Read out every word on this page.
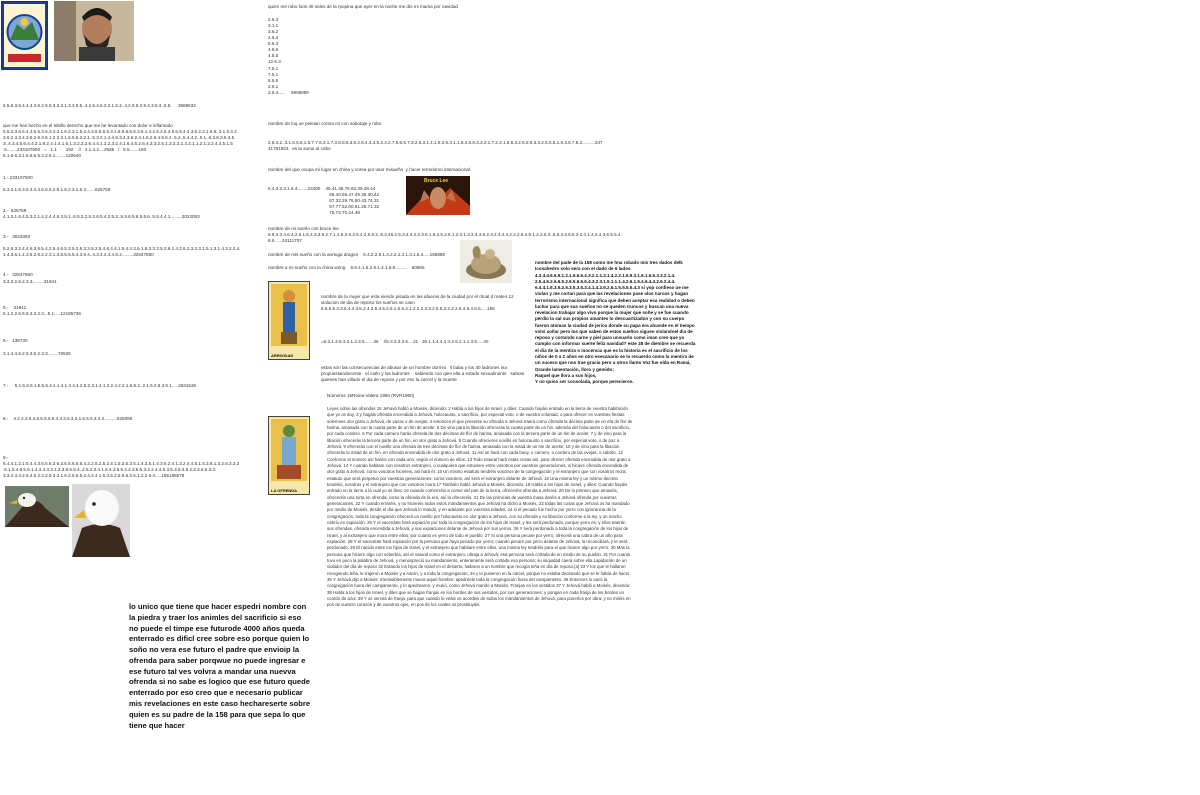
6.5.6.3.6.4.4.4.3.5.2.5.5.3.3.3.1.3.3.6.5..4.2.5.4.5.2.2.1.5.2..4.2.6.6.2.5.4.3.5.3..6.5.     3589632
que me han hecho en el tobillo derecho que me he levantado con dolor e inflamado
5.5.3.3.6.5.4.3.5.5.3.5.3.4.3.1.6.2.3.1.5.2.4.3.6.5.6.5.3.1.6.5.6.6.5.3.6.1.4.2.6.2.6.3.6.5.5.4.4.3.6.2.2.1.6.5..3.1.5.3.2.
3.6.2.3.3.4.3.5.2.6.3.6.1.2.2.3.1.6.5.5.3.2.1..5.3.2.1.4.4.6.3.4.3.6.2.4.1.6.2.6.4.5.5.4..5.2..5.4.4.2..5.1..6.3.6.3.6.3.5.
3..4.3.4.5.6.4.4.2.1.6.2.4.1.4.1.6.1.3.2.3.2.6.4.4.1.3.2.3.2.4.1.6.4.5.2.6.4.3.3.2.5.1.3.2.3.2.4.3.1.1.2.1.2.2.4.4.5.1.5
.5........233107500   =   1.1       192    //   2.1.4.2....2565   /   5.5.......160
6.1.6.6.3.1.6.6.6.5.3.2.6.1........120640
1.- 233107500
5.3.3.1.6.3.5.3.4.4.6.6.5.2.6.1.6.2.2.1.5.3.......625759
2.-  625759
4.1.3.1.6.4.5.3.2.1.4.2.4.4.5.3.5.1..6.5.3.2.5.3.6.5.4.2.5.2..5.5.6.5.6.5.6.6..5.5.4.4.1.........3022083
3.-   3022083
5.2.6.3.2.4.4.6.3.6.5.4.2.5.4.6.5.3.5.2.5.3.3.6.2.5.4.6.4.4.1.5.4.4.3.5.1.6.3.3.3.5.3.6.1.4.2.6.3.3.2.3.1.5.1.3.1.4.2.2.2.4.
1.4.3.6.1.4.3.6.2.6.2.2.3.1.3.6.5.5.5.4.3.6.4..4.3.4.2.4.4.5.2.........32647860
4.-   32647860
3.3.3.2.6.2.3.3.........31941
5.-    31941
5.1.2.2.6.6.5.3.3.2.3...5.1.....12185736
6.-   138730
3.1.4.4.6.2.5.3.5.2.3.3........76526
7.-     5.1.5.3.6.1.5.5.5.4.1.1.4.1.4.4.4.2.5.2.3.1.4.1.2.2.4.2.2.1.5.5.2..2.1.5.2.6.3.5.1.....2631536
8.-    4.2.4.3.6.4.6.5.6.5.6.4.4.3.6.3.3.1.6.5.6.3.4.2..........525059
9.-
6.4.4.1.2.1.5.4.4.3.6.5.6.3.6.2.5.5.6.5.5.4.2.2.6.2.5.2.4.1.5.3.5.3.5.1.4.3.5.1.4.3.6.2.4.1.3.2.4.4.5.1.5.3.6.1.3.2.6.3.3.2
.6.1.5.4.6.5.6.1.4.3.4.3.3.1.3.3.6.5.5.4..2.5.2.3.4.1.5.4.3.5.6.2.4.3.5.5.3.4.2.4.4.6.3.5.3.6.3.6.2.3.3.6.5.3.3.
3.3.4.3.4.2.5.4.6.2.3.2.5.3.3.1.6.2.6.5.5.2.4.2.4.1.6.3.5.2.5.5.6.3.5.1.2.2.6.4.....185185578
lo unico que tiene que hacer espedri nombre con la piedra y traer los animles del sacrificio si eso no puede el timpe ese futurode 4000 años queda enterrado es dificl cree sobre eso porque quien lo soño no vera ese futuro el padre que envioip la ofrenda para saber porqwue no puede ingresar e ese futuro tal ves volvra a mandar una nuevva ofrenda si no sabe es logico que ese futuro quede enterrado por eso creo que e necesario publicar mis revelaciones en este caso hechareserte sobre quien es su padre de la 158 para que sepa lo que tiene que hacer
quien me robo loos 40 soles de la rpopina que ayer en la noche me dio mi mama por navidad
2.6.3
3.1.1
3.6.2
4.6.4
5.6.3
4.6.6
4.5.5
12.6.3.
7.5.1
7.5.1
6.5.5
2.6.1
2.6.3.....     5908888
nombre de loq ue peleian contra mi con sabotaje y robo
2.8.3.2..3.1.6.5.6.1.6.7.7.6.3.1.7.3.8.8.6.3.6.2.8.4.3.4.5.2.4.2.7.5.6.6.7.3.2.5.3.1.4.1.8.3.6.3.1.1.6.4.8.6.3.3.2.1.7.2.2.1.5.8.3.2.6.8.6.3.3.2.6.5.5.1.6.3.6.7.8.2..........347
41781923   es la suma al cobo
nombre del que ocupa mi lugar en china y corea por usar misueño  y hacer terrorismo internacional
6.4.3.3.3.1.6.4........23400    45.41.36.78.63.39.38.44
68.40.56.47.49.35.30.42
67.33.29.76.50.43.74.31
57.77.62.60.61.25.71.32
75.72.70.24.48
Bruce Lee
nombre de mi sueño con bruce lee
6.6.3.3.4.6.4.2.6.1.6.4.3.3.6.2.7.1.1.6.2.6.3.5.4.2.5.6.2..6.3.45.2.5.3.4.3.2.2.3.6.1.6.2.5.2.6.1.2.3.1.3.3.4.4.6.2.3.2.4.4.4.2.2.2.6.4.6.1.2.2.6.3..5.5.3.3.6.5.3.2.4.1.4.3.4.3.6.5.5.4.
6.6......34111707
nombre de mis sueño con la aortuga dragon    6.4.2.2.5.1.4.2.2.1.4.1.3.1.6.4.....165888
nombre a mi sueño con la china wong    6.6.4.1.5.2.5.1.4.1.6.6.........    60865
ARRIVIDAD
LA OFRENDA
nombre de la mujer que esta siendo pisada en las afueras de la ciudad por el ritual d mateo 12
violacion de dia de reposo los sueños se caen
6.5.5.5.3.3.6.4.4.3.6.2.4.3.6.4.5.2.6.1.5.5.4.1.2.2.2.3.3.2.5.5.2.2.2.2.6.4.6.4.6.5.....158
=6.3.1.3.5.3.3.1.2.3.6.......36    //5.3.3.3.2.5....21   35.1.1.4.4.1.4.2.6.2.1.1.3.5.....40
estas son las consecuencias de abusar de un hombre dormio   li baba y los 40 ladrones ina
propuestaindecente   el carlo y los ladrones    sabiendo con qien ella a estado sexualmente   sabras
quienes han villado el dia de reposo y por eso la carcel y la muerte
Números 15Reina-Valera 1960 (RVR1960)
Leyes sobre las ofrendas 15 Jehová habló a Moisés, diciendo: 2 Habla a los hijos de Israel, y diles: Cuando hayáis entrado en la tierra de vuestra habitación que yo os doy, 3 y hagáis ofrenda encendida a Jehová, holocausto, o sacrificio, por especial voto, o de vuestra voluntad, o para ofrecer en vuestras fiestas solemnes olor grato a Jehová, de vacas o de ovejas; 4 entonces el que presente su ofrenda a Jehová traerá como ofrenda la décima parte de un efa de flor de harina, amasada con la cuarta parte de un hin de aceite. 5 De vino para la libación ofrecerás la cuarta parte de un hin, además del holocausto o del sacrificio, por cada cordero. 6 Por cada carnero harás ofrenda de dos décimas de flor de harina, amasada con la tercera parte de un hin de aceite; 7 y de vino para la libación ofrecerás la tercera parte de un hin, en olor grato a Jehová. 8 Cuando ofrecieres novillo en holocausto o sacrificio, por especial voto, o de paz a Jehová, 9 ofrecerás con el novillo una ofrenda de tres décimas de flor de harina, amasada con la mitad de un hin de aceite; 10 y de vino para la libación ofrecerás la mitad de un hin, en ofrenda encendida de olor grato a Jehová. 11 Así se hará con cada buey, o carnero, o cordero de las ovejas, o cabrito. 12 Conforme al número así haréis con cada uno, según el número de ellos. 13 Todo natural hará estas cosas así, para ofrecer ofrenda encendida de olor grato a Jehová. 14 Y cuando habitare con vosotros extranjero, o cualquiera que estuviere entre vosotros por vuestras generaciones, si hiciere ofrenda encendida de olor grato a Jehová, como vosotros hiciereis, así hará él. 15 Un mismo estatuto tendréis vosotros de la congregación y el extranjero que con vosotros mora; estatuto que será perpetuo por vuestras generaciones; como vosotros, así será el extranjero delante de Jehová. 16 Una misma ley y un mismo decreto tendréis, vosotros y el extranjero que con vosotros mora.17 También habló Jehová a Moisés, diciendo: 18 Habla a los hijos de Israel, y diles: Cuando hayáis entrado en la tierra a la cual yo os llevo 19 cuando comenzéis a comer del pan de la tierra, ofreceréis ofrenda a Jehová. 20 De lo primero que amaséis, ofreceréis una torta en ofrenda; como la ofrenda de la era, así la ofreceréis. 21 De las primicias de vuestra masa daréis a Jehová ofrenda por vuestras generaciones. 22 Y cuando erraréis, y no hiciereis todos estos mandamientos que Jehová ha dicho a Moisés, 23 todas las cosas que Jehová os ha mandado por medio de Moisés, desde el día que Jehová lo mandó, y en adelante por vuestras edades, 24 si el pecado fue hecho por yerro con ignorancia de la congregación, toda la congregación ofrecerá un novillo por holocausto en olor grato a Jehová, con su ofrenda y su libación conforme a la ley, y un macho cabrío en expiación. 25 Y el sacerdote hará expiación por toda la congregación de los hijos de Israel, y les será perdonado, porque yerro es; y ellos traerán sus ofrendas, ofrenda encendida a Jehová, y sus expiaciones delante de Jehová por sus yerros. 26 Y será perdonado a toda la congregación de los hijos de Israel, y al extranjero que mora entre ellos, por cuanto es yerro de todo el pueblo. 27 Si una persona pecare por yerro, ofrecerá una cabra de un año para expiación. 28 Y el sacerdote hará expiación por la persona que haya pecado por yerro; cuando pecare por yerro delante de Jehová, la reconciliará, y le será perdonado. 29 El nacido entre los hijos de Israel, y el extranjero que habitare entre ellos, una misma ley tendréis para el que hiciere algo por yerro. 30 Mas la persona que hiciere algo con soberbia, así el natural como el extranjero, ultraja a Jehová; esa persona será cortada de en medio de su pueblo. 31 Por cuanto tuvo en poco la palabra de Jehová, y menospreció su mandamiento, enteramente será cortada esa persona; su iniquidad caerá sobre ella.Lapidación de un violador del día de reposo 32 Estando los hijos de Israel en el desierto, hallaron a un hombre que recogía leña en día de reposo.[a] 33 Y los que le hallaron recogiendo leña, le trajeron a Moisés y a Aarón, y a toda la congregación; 34 y lo pusieron en la cárcel, porque no estaba declarado qué se le había de hacer. 35 Y Jehová dijo a Moisés: Irremisiblemente muera aquel hombre; apedréelo toda la congregación fuera del campamento. 36 Entonces lo sacó la congregación fuera del campamento, y lo apedrearon, y murió, como Jehová mandó a Moisés. Franjas en los vestidos 37 Y Jehová habló a Moisés, diciendo: 38 Habla a los hijos de Israel, y diles que se hagan franjas en los bordes de sus vestidos, por sus generaciones; y pongan en cada franja de los bordes un cordón de azul. 39 Y os servirá de franja, para que cuando lo veáis os acordéis de todos los mandamientos de Jehová, para ponerlos por obra; y no miréis en pos de vuestro corazón y de vuestros ojos, en pos de los cuales os prostituyáis.
nombre del pade de la 158 como me hna robado mis tres dados delk Icosahedro solo sera con el dado de 6 lados
4.3.4.4.6.6.9.1.2.1.6.6.6.4.3.2.1.1.3.1.4.2.2.1.6.9.3.1.6.1.6.5.3.3.2.1.4.
2.5.4.6.2.6.6.5.2.6.5.6.5.6.4.3.2.3.1.5.1.1.1.4.2.6.1.5.4.6.4.4.2.6.2.4.4.
6.4.4.1.6.3.5.2.5.3.5.3.5.3.4.1.4.2.6.2.6.1.5.5.5.5.4.3 si yop confieso ue me violan y me cortan para que las revelaciones pase alos narcos y hagan terrorismo internacional significa que deben aceptar esa realidad o deben luchar para que sus sueños no se queden truncos y buscan una nueva revelacion trabajar algo vivo porque la mujer que soñe y se fue cuando perdio la sal sus propios amantes lo descuartizadon y con su cuerpo fueron atomas la ciudad de jerico donde su papa era alcande en el tiempo volvi soñar pero los que saben de estos sueños siguen violandoel dia de reposo y cortando carne y piel para unsuarlo como iman creo que yo cumplo con informar suerte feliz navidad? este 28 de diembre se recuerda el dia de la mentira o inocencia que es la historia es el sacrificio de los niños de 0 a 2 años en otro esecanario se lo recuerdo como la mentira de un suceso que nos trae gracia pero a otros llanto Voz fue oída en Ramá,
Grande lamentación, lloro y gemido;
Raquel que llora a sus hijos,
Y no quiso ser consolada, porque perecieron.
